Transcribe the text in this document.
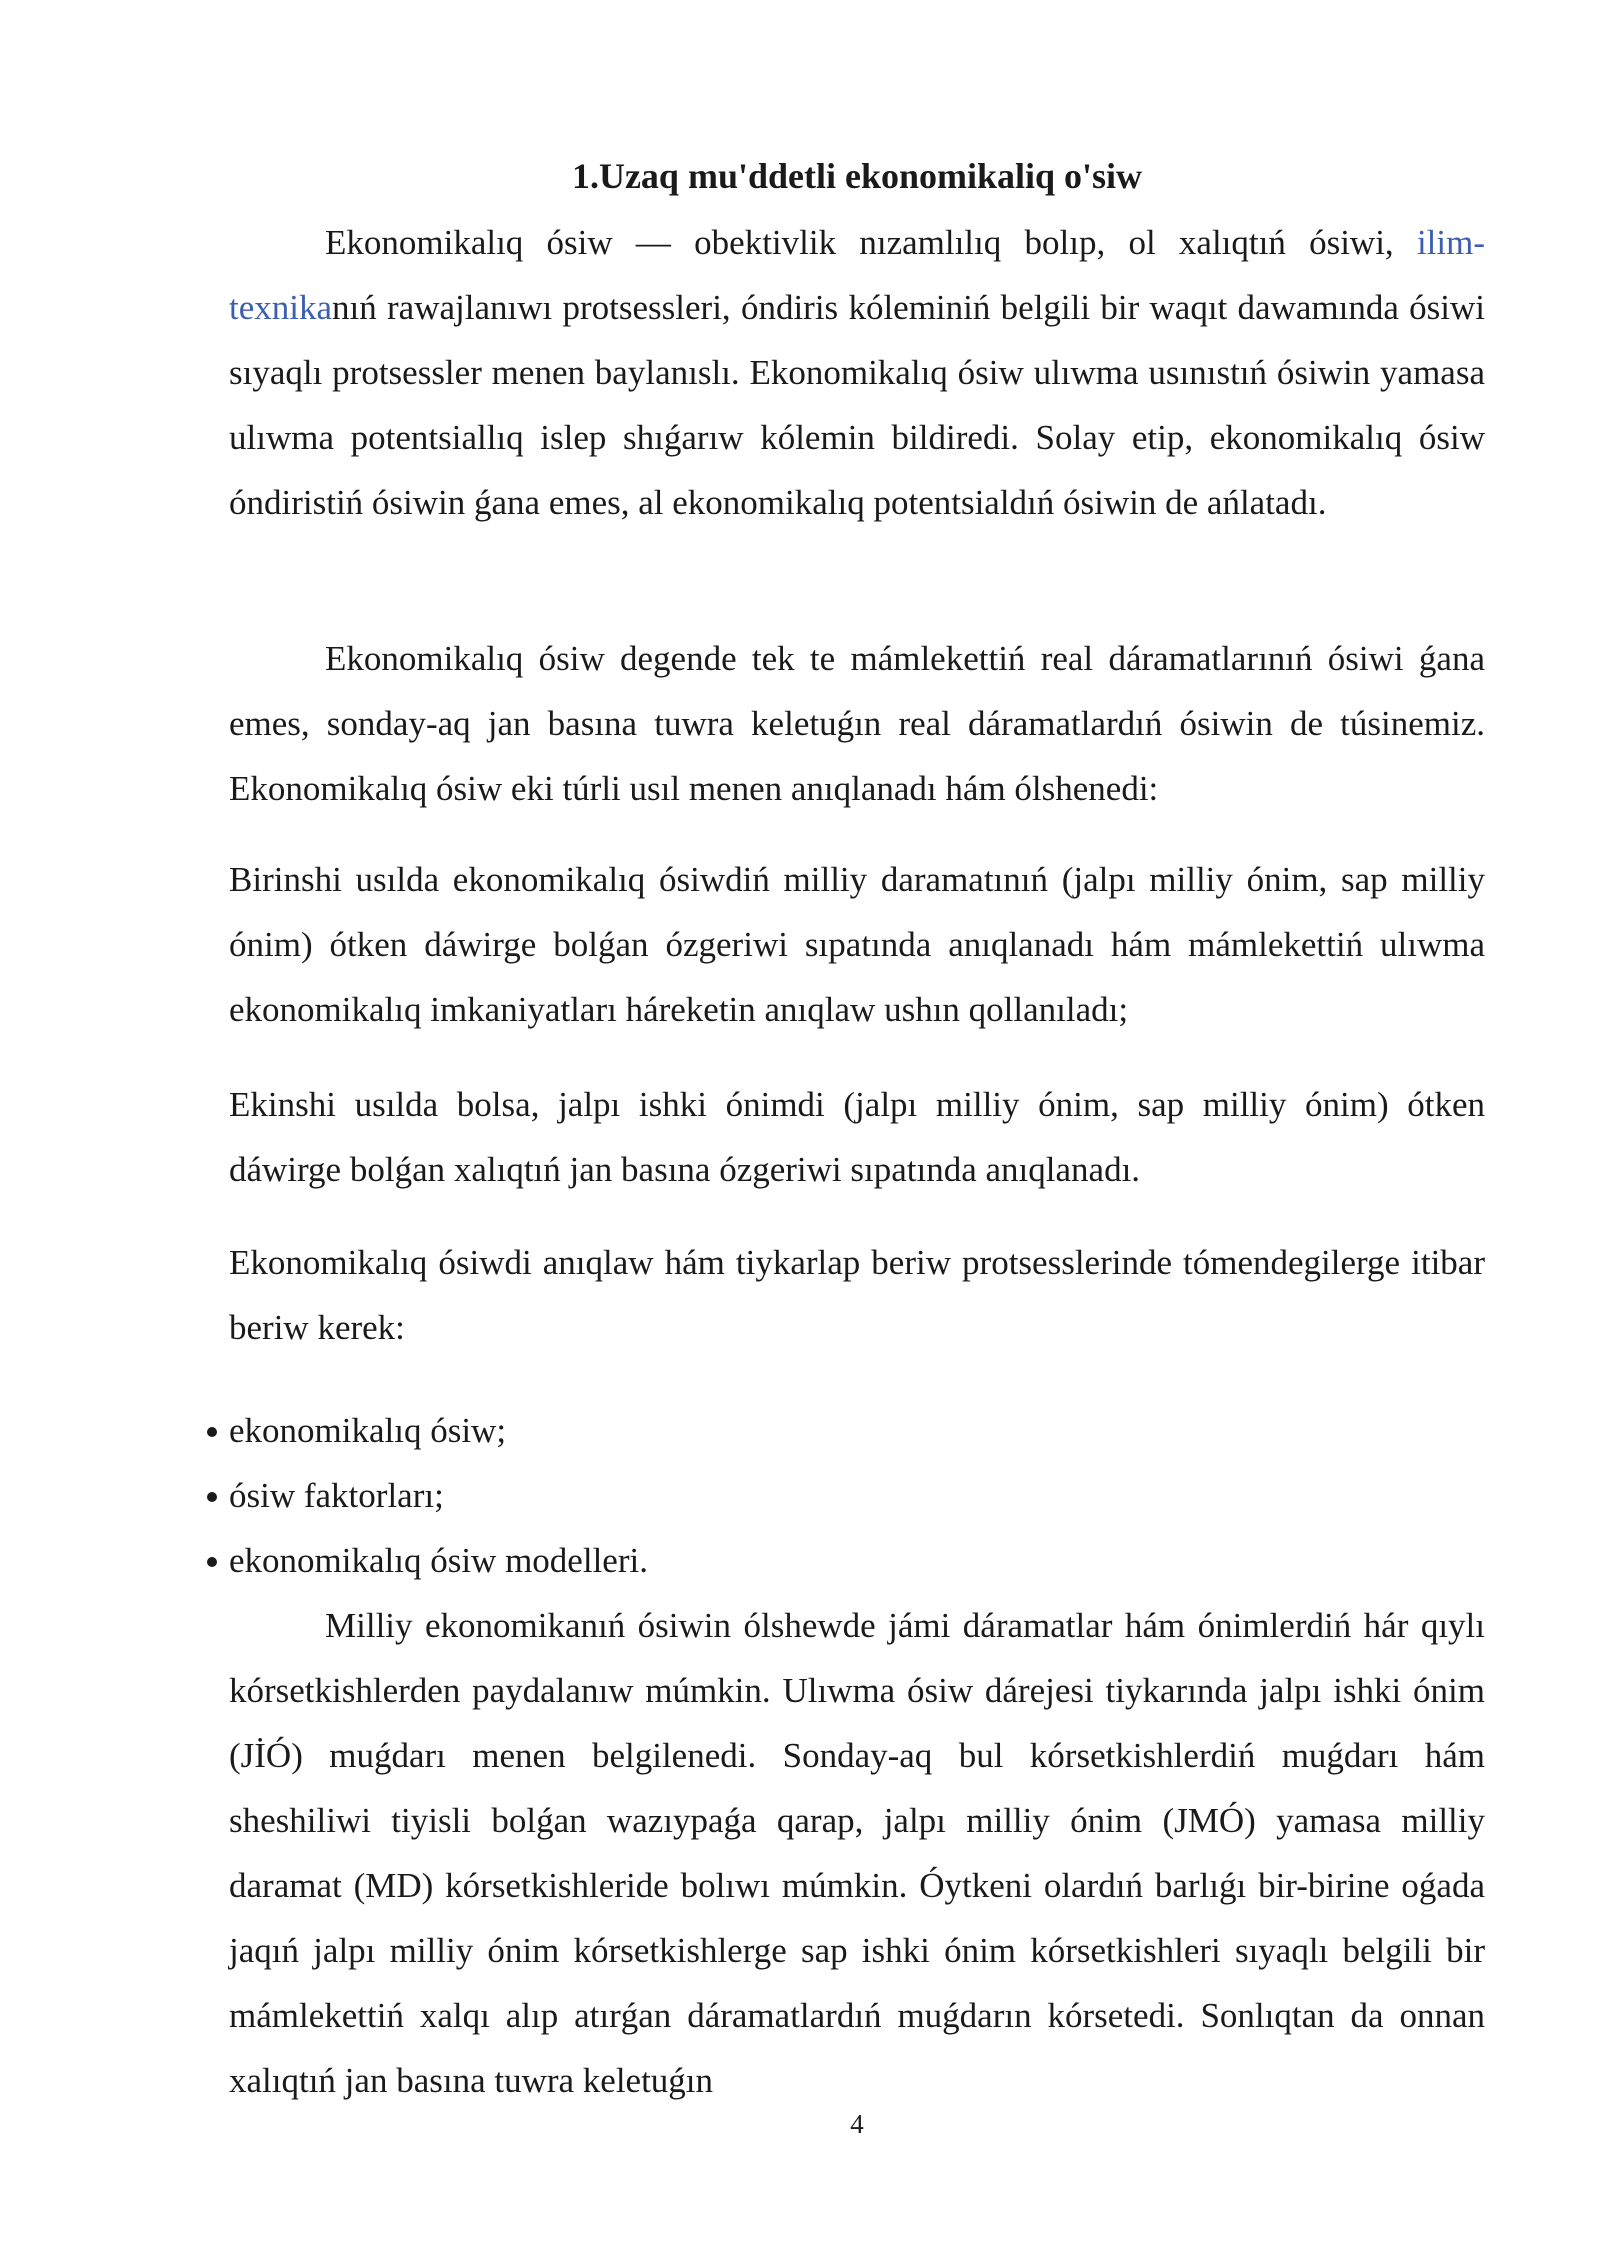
1.Uzaq mu'ddetli ekonomikaliq o'siw

Ekonomikalıq ósiw — obektivlik nızamlılıq bolıp, ol xalıqtıń ósiwi, ilim-texnikanıń rawajlanıwı protsessleri, óndiris kóleminiń belgili bir waqıt dawamında ósiwi sıyaqlı protsessler menen baylanıslı. Ekonomikalıq ósiw ulıwma usınıstıń ósiwin yamasa ulıwma potentsiallıq islep shıǵarıw kólemin bildiredi. Solay etip, ekonomikalıq ósiw óndiristiń ósiwin ǵana emes, al ekonomikalıq potentsialdıń ósiwin de ańlatadı.

Ekonomikalıq ósiw degende tek te mámlekettiń real dáramatlarınıń ósiwi ǵana emes, sonday-aq jan basına tuwra keletuǵın real dáramatlardıń ósiwin de túsinemiz. Ekonomikalıq ósiw eki túrli usıl menen anıqlanadı hám ólshenedi:

Birinshi usılda ekonomikalıq ósiwdiń milliy daramatınıń (jalpı milliy ónim, sap milliy ónim) ótken dáwirge bolǵan ózgeriwi sıpatında anıqlanadı hám mámlekettiń ulıwma ekonomikalıq imkaniyatları háreketin anıqlaw ushın qollanıladı;

Ekinshi usılda bolsa, jalpı ishki ónimdi (jalpı milliy ónim, sap milliy ónim) ótken dáwirge bolǵan xalıqtıń jan basına ózgeriwi sıpatında anıqlanadı.

Ekonomikalıq ósiwdi anıqlaw hám tiykarlap beriw protsesslerinde tómendegilerge itibar beriw kerek:

ekonomikalıq ósiw;
ósiw faktorları;
ekonomikalıq ósiw modelleri.

Milliy ekonomikanıń ósiwin ólshewde jámi dáramatlar hám ónimlerdiń hár qıylı kórsetkishlerden paydalanıw múmkin. Ulıwma ósiw dárejesi tiykarında jalpı ishki ónim (JİÓ) muǵdarı menen belgilenedi. Sonday-aq bul kórsetkishlerdiń muǵdarı hám sheshiliwi tiyisli bolǵan wazıypaǵa qarap, jalpı milliy ónim (JMÓ) yamasa milliy daramat (MD) kórsetkishleride bolıwı múmkin. Óytkeni olardıń barlıǵı bir-birine oǵada jaqıń jalpı milliy ónim kórsetkishlerge sap ishki ónim kórsetkishleri sıyaqlı belgili bir mámlekettiń xalqı alıp atırǵan dáramatlardıń muǵdarın kórsetedi. Sonlıqtan da onnan xalıqtıń jan basına tuwra keletuǵın

4
